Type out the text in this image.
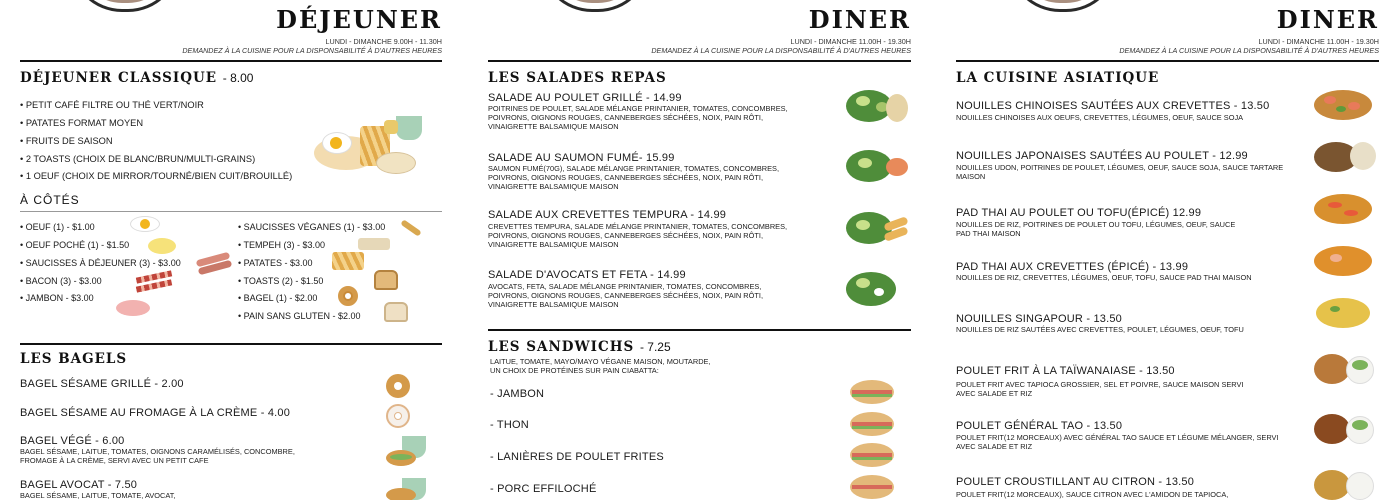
DÉJEUNER
LUNDI - DIMANCHE 9.00H - 11.30H
DEMANDEZ À LA CUISINE POUR LA DISPONSABILITÉ À D'AUTRES HEURES
DÉJEUNER CLASSIQUE - 8.00
• PETIT CAFÉ FILTRE OU THÉ VERT/NOIR
• PATATES FORMAT MOYEN
• FRUITS DE SAISON
• 2 TOASTS (CHOIX DE BLANC/BRUN/MULTI-GRAINS)
• 1 OEUF (CHOIX DE MIRROR/TOURNÉ/BIEN CUIT/BROUILLÉ)
À CÔTÉS
• OEUF (1) - $1.00
• OEUF POCHÉ (1) - $1.50
• SAUCISSES À DÉJEUNER (3) - $3.00
• BACON (3) - $3.00
• JAMBON - $3.00
• SAUCISSES VÉGANES (1) - $3.00
• TEMPEH (3) - $3.00
• PATATES - $3.00
• TOASTS (2) - $1.50
• BAGEL (1) - $2.00
• PAIN SANS GLUTEN - $2.00
LES BAGELS
BAGEL SÉSAME GRILLÉ - 2.00
BAGEL SÉSAME AU FROMAGE À LA CRÈME - 4.00
BAGEL VÉGÉ - 6.00
BAGEL SÉSAME, LAITUE, TOMATES, OIGNONS CARAMÉLISÉS, CONCOMBRE, FROMAGE À LA CRÈME, SERVI AVEC UN PETIT CAFE
BAGEL AVOCAT - 7.50
BAGEL SÉSAME, LAITUE, TOMATE, AVOCAT,
DINER
LUNDI - DIMANCHE 11.00H - 19.30H
DEMANDEZ À LA CUISINE POUR LA DISPONSABILITÉ À D'AUTRES HEURES
LES SALADES REPAS
SALADE AU POULET GRILLÉ - 14.99
POITRINES DE POULET, SALADE MÉLANGE PRINTANIER, TOMATES, CONCOMBRES, POIVRONS, OIGNONS ROUGES, CANNEBERGES SÉCHÉES, NOIX, PAIN RÔTI, VINAIGRETTE BALSAMIQUE MAISON
SALADE AU SAUMON FUMÉ- 15.99
SAUMON FUMÉ(70G), SALADE MÉLANGE PRINTANIER, TOMATES, CONCOMBRES, POIVRONS, OIGNONS ROUGES, CANNEBERGES SÉCHÉES, NOIX, PAIN RÔTI, VINAIGRETTE BALSAMIQUE MAISON
SALADE AUX CREVETTES TEMPURA - 14.99
CREVETTES TEMPURA, SALADE MÉLANGE PRINTANIER, TOMATES, CONCOMBRES, POIVRONS, OIGNONS ROUGES, CANNEBERGES SÉCHÉES, NOIX, PAIN RÔTI, VINAIGRETTE BALSAMIQUE MAISON
SALADE D'AVOCATS ET FETA - 14.99
AVOCATS, FETA, SALADE MÉLANGE PRINTANIER, TOMATES, CONCOMBRES, POIVRONS, OIGNONS ROUGES, CANNEBERGES SÉCHÉES, NOIX, PAIN RÔTI, VINAIGRETTE BALSAMIQUE MAISON
LES SANDWICHS - 7.25
LAITUE, TOMATE, MAYO/MAYO VÉGANE MAISON, MOUTARDE,
UN CHOIX DE PROTÉINES SUR PAIN CIABATTA:
- JAMBON
- THON
- LANIÈRES DE POULET FRITES
- PORC EFFILOCHÉ
DINER
LUNDI - DIMANCHE 11.00H - 19.30H
DEMANDEZ À LA CUISINE POUR LA DISPONSABILITÉ À D'AUTRES HEURES
LA CUISINE ASIATIQUE
NOUILLES CHINOISES SAUTÉES AUX CREVETTES - 13.50
NOUILLES CHINOISES AUX OEUFS, CREVETTES, LÉGUMES, OEUF, SAUCE SOJA
NOUILLES JAPONAISES SAUTÉES AU POULET - 12.99
NOUILLES UDON, POITRINES DE POULET, LÉGUMES, OEUF, SAUCE SOJA, SAUCE TARTARE MAISON
PAD THAI AU POULET OU TOFU(ÉPICÉ) 12.99
NOUILLES DE RIZ, POITRINES DE POULET OU TOFU, LÉGUMES, OEUF, SAUCE PAD THAI MAISON
PAD THAI AUX CREVETTES (ÉPICÉ) - 13.99
NOUILLES DE RIZ, CREVETTES, LÉGUMES, OEUF, TOFU, SAUCE PAD THAI MAISON
NOUILLES SINGAPOUR - 13.50
NOUILLES DE RIZ SAUTÉES AVEC CREVETTES, POULET, LÉGUMES, OEUF, TOFU
POULET FRIT À LA TAÏWANAIASE - 13.50
POULET FRIT AVEC TAPIOCA GROSSIER, SEL ET POIVRE, SAUCE MAISON SERVI AVEC SALADE ET RIZ
POULET GÉNÉRAL TAO - 13.50
POULET FRIT(12 MORCEAUX) AVEC GÉNÉRAL TAO SAUCE ET LÉGUME MÉLANGER, SERVI AVEC SALADE ET RIZ
POULET CROUSTILLANT AU CITRON - 13.50
POULET FRIT(12 MORCEAUX), SAUCE CITRON AVEC L'AMIDON DE TAPIOCA,
